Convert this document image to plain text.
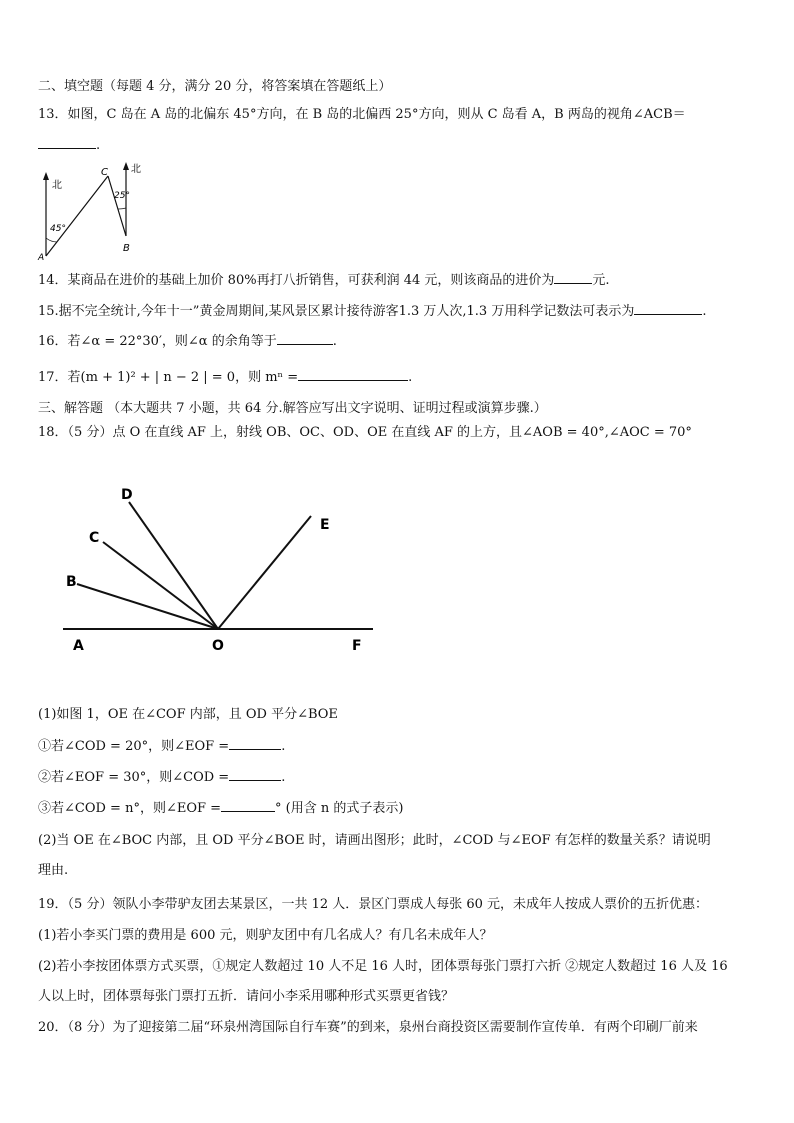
二、填空题（每题 4 分，满分 20 分，将答案填在答题纸上）
13．如图，C 岛在 A 岛的北偏东 45°方向，在 B 岛的北偏西 25°方向，则从 C 岛看 A，B 两岛的视角∠ACB＝
.
北
北
45°
25°
C
A
B
14．某商品在进价的基础上加价 80%再打八折销售，可获利润 44 元，则该商品的进价为	元.
15.据不完全统计,今年十一”黄金周期间,某风景区累计接待游客1.3 万人次,1.3 万用科学记数法可表示为	.
16．若∠α = 22°30′，则∠α 的余角等于	.
17．若(m + 1)² + | n − 2 | = 0，则 mⁿ =	.
三、解答题 （本大题共 7 小题，共 64 分.解答应写出文字说明、证明过程或演算步骤.）
18．（5 分）点 O 在直线 AF 上，射线 OB、OC、OD、OE 在直线 AF 的上方，且∠AOB = 40°,∠AOC = 70°
A	O	F
B
C
D
E
(1)如图 1，OE 在∠COF 内部，且 OD 平分∠BOE
①若∠COD = 20°，则∠EOF =	.
②若∠EOF = 30°，则∠COD =	.
③若∠COD = n°，则∠EOF =	° (用含 n 的式子表示)
(2)当 OE 在∠BOC 内部，且 OD 平分∠BOE 时，请画出图形；此时，∠COD 与∠EOF 有怎样的数量关系？请说明
理由.
19．（5 分）领队小李带驴友团去某景区，一共 12 人．景区门票成人每张 60 元，未成年人按成人票价的五折优惠：
(1)若小李买门票的费用是 600 元，则驴友团中有几名成人？有几名未成年人？
(2)若小李按团体票方式买票，①规定人数超过 10 人不足 16 人时，团体票每张门票打六折 ②规定人数超过 16 人及 16
人以上时，团体票每张门票打五折．请问小李采用哪种形式买票更省钱？
20．（8 分）为了迎接第二届“环泉州湾国际自行车赛”的到来，泉州台商投资区需要制作宣传单．有两个印刷厂前来
